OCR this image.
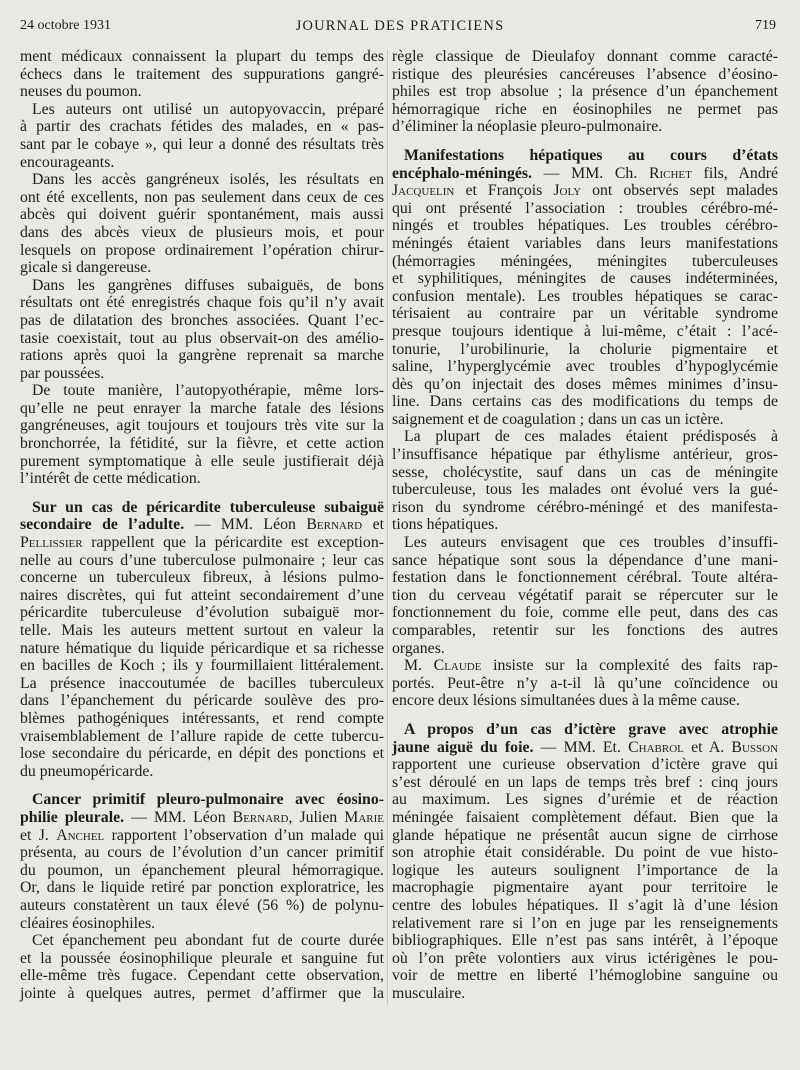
JOURNAL DES PRATICIENS
24 octobre 1931	719
ment médicaux connaissent la plupart du temps des
échecs dans le traitement des suppurations gangré-
neuses du poumon.
Les auteurs ont utilisé un autopyovaccin, préparé
à partir des crachats fétides des malades, en « pas-
sant par le cobaye », qui leur a donné des résultats très
encourageants.
Dans les accès gangréneux isolés, les résultats en
ont été excellents, non pas seulement dans ceux de ces
abcès qui doivent guérir spontanément, mais aussi
dans des abcès vieux de plusieurs mois, et pour
lesquels on propose ordinairement l’opération chirur-
gicale si dangereuse.
Dans les gangrènes diffuses subaiguës, de bons
résultats ont été enregistrés chaque fois qu’il n’y avait
pas de dilatation des bronches associées. Quant l’ec-
tasie coexistait, tout au plus observait-on des amélio-
rations après quoi la gangrène reprenait sa marche
par poussées.
De toute manière, l’autopyothérapie, même lors-
qu’elle ne peut enrayer la marche fatale des lésions
gangréneuses, agit toujours et toujours très vite sur la
bronchorrée, la fétidité, sur la fièvre, et cette action
purement symptomatique à elle seule justifierait déjà
l’intérêt de cette médication.
Sur un cas de péricardite tuberculeuse subaiguë
secondaire de l’adulte. — MM. Léon Bernard et
Pellissier rappellent que la péricardite est exception-
nelle au cours d’une tuberculose pulmonaire ; leur cas
concerne un tuberculeux fibreux, à lésions pulmo-
naires discrètes, qui fut atteint secondairement d’une
péricardite tuberculeuse d’évolution subaiguë mor-
telle. Mais les auteurs mettent surtout en valeur la
nature hématique du liquide péricardique et sa richesse
en bacilles de Koch ; ils y fourmillaient littéralement.
La présence inaccoutumée de bacilles tuberculeux
dans l’épanchement du péricarde soulève des pro-
blèmes pathogéniques intéressants, et rend compte
vraisemblablement de l’allure rapide de cette tubercu-
lose secondaire du péricarde, en dépit des ponctions et
du pneumopéricarde.
Cancer primitif pleuro-pulmonaire avec éosino-
philie pleurale. — MM. Léon Bernard, Julien Marie
et J. Anchel rapportent l’observation d’un malade qui
présenta, au cours de l’évolution d’un cancer primitif
du poumon, un épanchement pleural hémorragique.
Or, dans le liquide retiré par ponction exploratrice, les
auteurs constatèrent un taux élevé (56 %) de polynu-
cléaires éosinophiles.
Cet épanchement peu abondant fut de courte durée
et la poussée éosinophilique pleurale et sanguine fut
elle-même très fugace. Cependant cette observation,
jointe à quelques autres, permet d’affirmer que la
règle classique de Dieulafoy donnant comme caracté-
ristique des pleurésies cancéreuses l’absence d’éosino-
philes est trop absolue ; la présence d’un épanchement
hémorragique riche en éosinophiles ne permet pas
d’éliminer la néoplasie pleuro-pulmonaire.
Manifestations hépatiques au cours d’états
encéphalo-méningés. — MM. Ch. Richet fils, André
Jacquelin et François Joly ont observés sept malades
qui ont présenté l’association : troubles cérébro-mé-
ningés et troubles hépatiques. Les troubles cérébro-
méningés étaient variables dans leurs manifestations
(hémorragies méningées, méningites tuberculeuses
et syphilitiques, méningites de causes indéterminées,
confusion mentale). Les troubles hépatiques se carac-
térisaient au contraire par un véritable syndrome
presque toujours identique à lui-même, c’était : l’acé-
tonurie, l’urobilinurie, la cholurie pigmentaire et
saline, l’hyperglycémie avec troubles d’hypoglycémie
dès qu’on injectait des doses mêmes minimes d’insu-
line. Dans certains cas des modifications du temps de
saignement et de coagulation ; dans un cas un ictère.
La plupart de ces malades étaient prédisposés à
l’insuffisance hépatique par éthylisme antérieur, gros-
sesse, cholécystite, sauf dans un cas de méningite
tuberculeuse, tous les malades ont évolué vers la gué-
rison du syndrome cérébro-méningé et des manifesta-
tions hépatiques.
Les auteurs envisagent que ces troubles d’insuffi-
sance hépatique sont sous la dépendance d’une mani-
festation dans le fonctionnement cérébral. Toute altéra-
tion du cerveau végétatif parait se répercuter sur le
fonctionnement du foie, comme elle peut, dans des cas
comparables, retentir sur les fonctions des autres
organes.
M. Claude insiste sur la complexité des faits rap-
portés. Peut-être n’y a-t-il là qu’une coïncidence ou
encore deux lésions simultanées dues à la même cause.
A propos d’un cas d’ictère grave avec atrophie
jaune aiguë du foie. — MM. Et. Chabrol et A. Busson
rapportent une curieuse observation d’ictère grave qui
s’est déroulé en un laps de temps très bref : cinq jours
au maximum. Les signes d’urémie et de réaction
méningée faisaient complètement défaut. Bien que la
glande hépatique ne présentât aucun signe de cirrhose
son atrophie était considérable. Du point de vue histo-
logique les auteurs soulignent l’importance de la
macrophagie pigmentaire ayant pour territoire le
centre des lobules hépatiques. Il s’agit là d’une lésion
relativement rare si l’on en juge par les renseignements
bibliographiques. Elle n’est pas sans intérêt, à l’époque
où l’on prête volontiers aux virus ictérigènes le pou-
voir de mettre en liberté l’hémoglobine sanguine ou
musculaire.
